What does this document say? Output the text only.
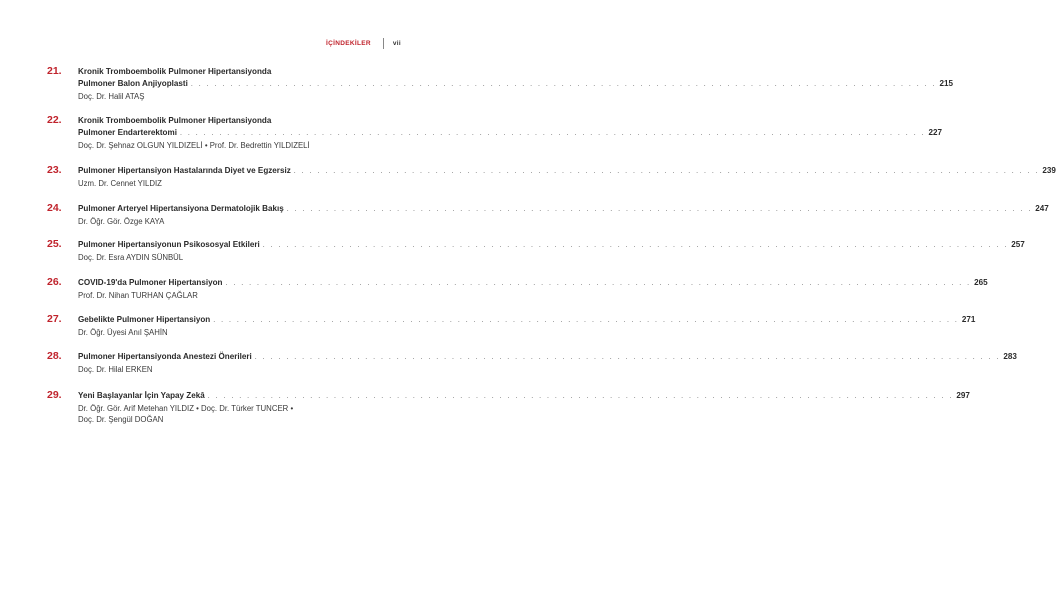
İÇİNDEKİLER	vii
21.	Kronik Tromboembolik Pulmoner Hipertansiyonda
Pulmoner Balon Anjiyoplasti . . . . . . . . . . . . . . . . . . . . . . . . . . . . . . . . . . . . . . . . . . . . . . . . . . . . . . . . . . . . . . . . . . . . . . . . . . . . . . . . . . . . . . . . . . . . . . . 215
Doç. Dr. Halil ATAŞ
22.	Kronik Tromboembolik Pulmoner Hipertansiyonda
Pulmoner Endarterektomi . . . . . . . . . . . . . . . . . . . . . . . . . . . . . . . . . . . . . . . . . . . . . . . . . . . . . . . . . . . . . . . . . . . . . . . . . . . . . . . . . . . . . . . . . . . . . . . 227
Doç. Dr. Şehnaz OLGUN YILDIZELİ • Prof. Dr. Bedrettin YILDIZELİ
23.	Pulmoner Hipertansiyon Hastalarında Diyet ve Egzersiz . . . . . . . . . . . . . . . . . . . . . . . . . . . . . . . . . . . . . . . . . . . . . . . . . . . . . . . . . . . . . . . . . . . . . . . . . . . . . . . . . . . . . . . . . . . . . . . 239
Uzm. Dr. Cennet YILDIZ
24.	Pulmoner Arteryel Hipertansiyona Dermatolojik Bakış . . . . . . . . . . . . . . . . . . . . . . . . . . . . . . . . . . . . . . . . . . . . . . . . . . . . . . . . . . . . . . . . . . . . . . . . . . . . . . . . . . . . . . . . . . . . . . . 247
Dr. Öğr. Gör. Özge KAYA
25.	Pulmoner Hipertansiyonun Psikososyal Etkileri . . . . . . . . . . . . . . . . . . . . . . . . . . . . . . . . . . . . . . . . . . . . . . . . . . . . . . . . . . . . . . . . . . . . . . . . . . . . . . . . . . . . . . . . . . . . . . . 257
Doç. Dr. Esra AYDIN SÜNBÜL
26.	COVID-19'da Pulmoner Hipertansiyon . . . . . . . . . . . . . . . . . . . . . . . . . . . . . . . . . . . . . . . . . . . . . . . . . . . . . . . . . . . . . . . . . . . . . . . . . . . . . . . . . . . . . . . . . . . . . . . 265
Prof. Dr. Nihan TURHAN ÇAĞLAR
27.	Gebelikte Pulmoner Hipertansiyon . . . . . . . . . . . . . . . . . . . . . . . . . . . . . . . . . . . . . . . . . . . . . . . . . . . . . . . . . . . . . . . . . . . . . . . . . . . . . . . . . . . . . . . . . . . . . . . 271
Dr. Öğr. Üyesi Anıl ŞAHİN
28.	Pulmoner Hipertansiyonda Anestezi Önerileri . . . . . . . . . . . . . . . . . . . . . . . . . . . . . . . . . . . . . . . . . . . . . . . . . . . . . . . . . . . . . . . . . . . . . . . . . . . . . . . . . . . . . . . . . . . . . . . 283
Doç. Dr. Hilal ERKEN
29.	Yeni Başlayanlar İçin Yapay Zekâ . . . . . . . . . . . . . . . . . . . . . . . . . . . . . . . . . . . . . . . . . . . . . . . . . . . . . . . . . . . . . . . . . . . . . . . . . . . . . . . . . . . . . . . . . . . . . . . 297
Dr. Öğr. Gör. Arif Metehan YILDIZ • Doç. Dr. Türker TUNCER •
Doç. Dr. Şengül DOĞAN
